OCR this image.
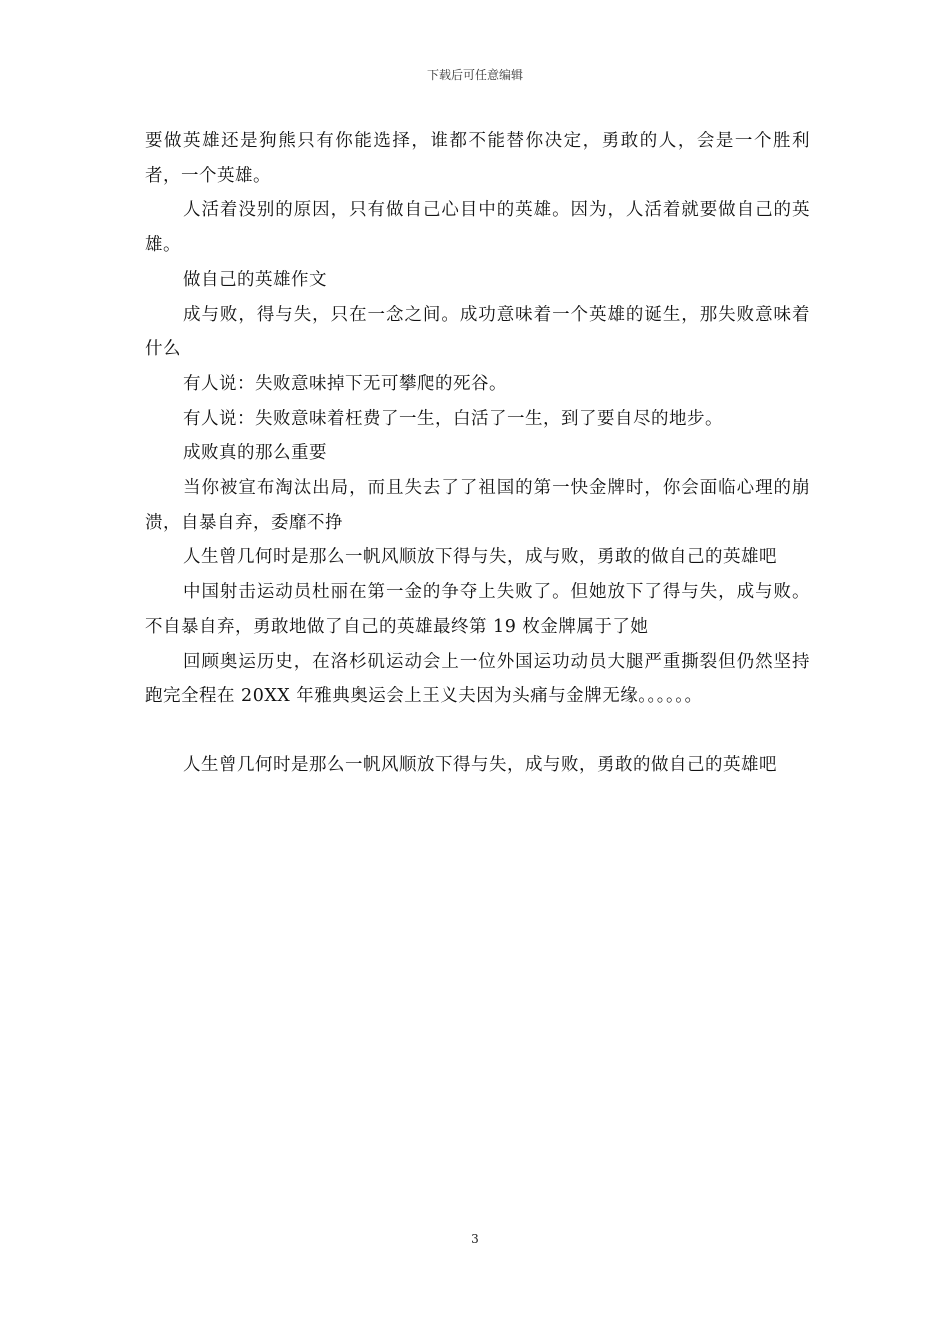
下载后可任意编辑

要做英雄还是狗熊只有你能选择，谁都不能替你决定，勇敢的人，会是一个胜利者，一个英雄。

人活着没别的原因，只有做自己心目中的英雄。因为，人活着就要做自己的英雄。

做自己的英雄作文

成与败，得与失，只在一念之间。成功意味着一个英雄的诞生，那失败意味着什么

有人说：失败意味掉下无可攀爬的死谷。

有人说：失败意味着枉费了一生，白活了一生，到了要自尽的地步。

成败真的那么重要

当你被宣布淘汰出局，而且失去了了祖国的第一快金牌时，你会面临心理的崩溃，自暴自弃，委靡不挣

人生曾几何时是那么一帆风顺放下得与失，成与败，勇敢的做自己的英雄吧

中国射击运动员杜丽在第一金的争夺上失败了。但她放下了得与失，成与败。不自暴自弃，勇敢地做了自己的英雄最终第 19 枚金牌属于了她

回顾奥运历史，在洛杉矶运动会上一位外国运功动员大腿严重撕裂但仍然坚持跑完全程在 20XX 年雅典奥运会上王义夫因为头痛与金牌无缘。。。。。。

人生曾几何时是那么一帆风顺放下得与失，成与败，勇敢的做自己的英雄吧

3
